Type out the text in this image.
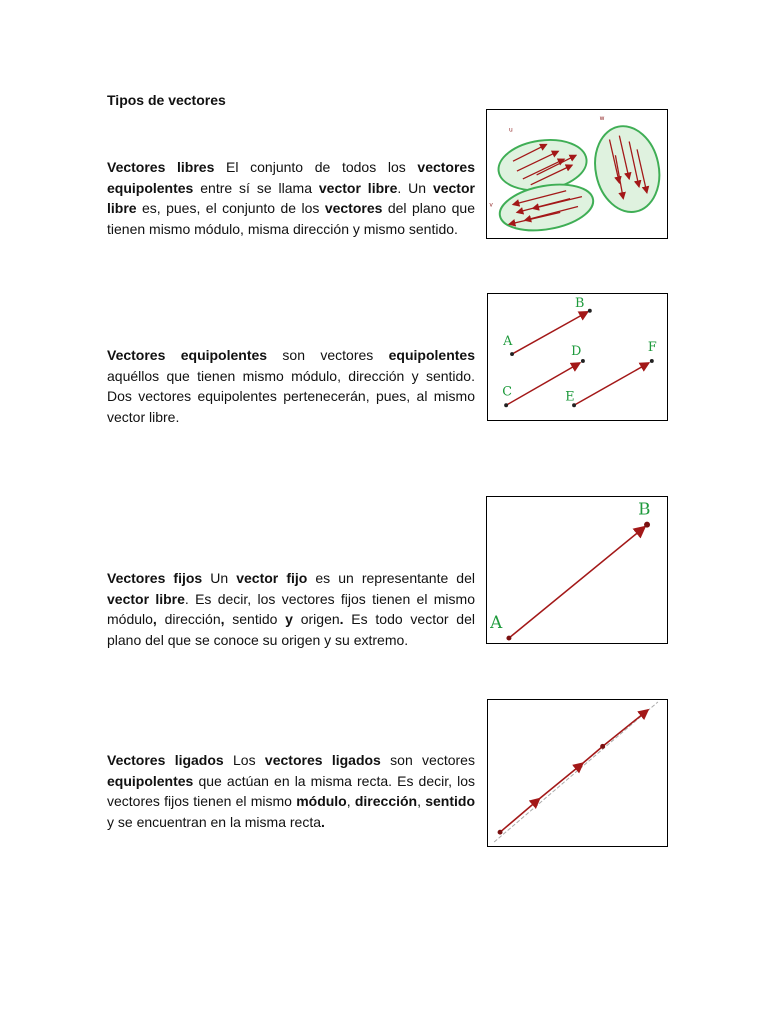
Tipos de vectores
Vectores libres El conjunto de todos los vectores equipolentes entre sí se llama vector libre. Un vector libre es, pues, el conjunto de los vectores del plano que tienen mismo módulo, misma dirección y mismo sentido.
Vectores equipolentes son vectores equipolentes aquéllos que tienen mismo módulo, dirección y sentido. Dos vectores equipolentes pertenecerán, pues, al mismo vector libre.
Vectores fijos Un vector fijo es un representante del vector libre. Es decir, los vectores fijos tienen el mismo módulo, dirección, sentido y origen. Es todo vector del plano del que se conoce su origen y su extremo.
Vectores ligados Los vectores ligados son vectores equipolentes que actúan en la misma recta. Es decir, los vectores fijos tienen el mismo módulo, dirección, sentido y se encuentran en la misma recta.
u
w
v
A
B
C
D
E
F
A
B
